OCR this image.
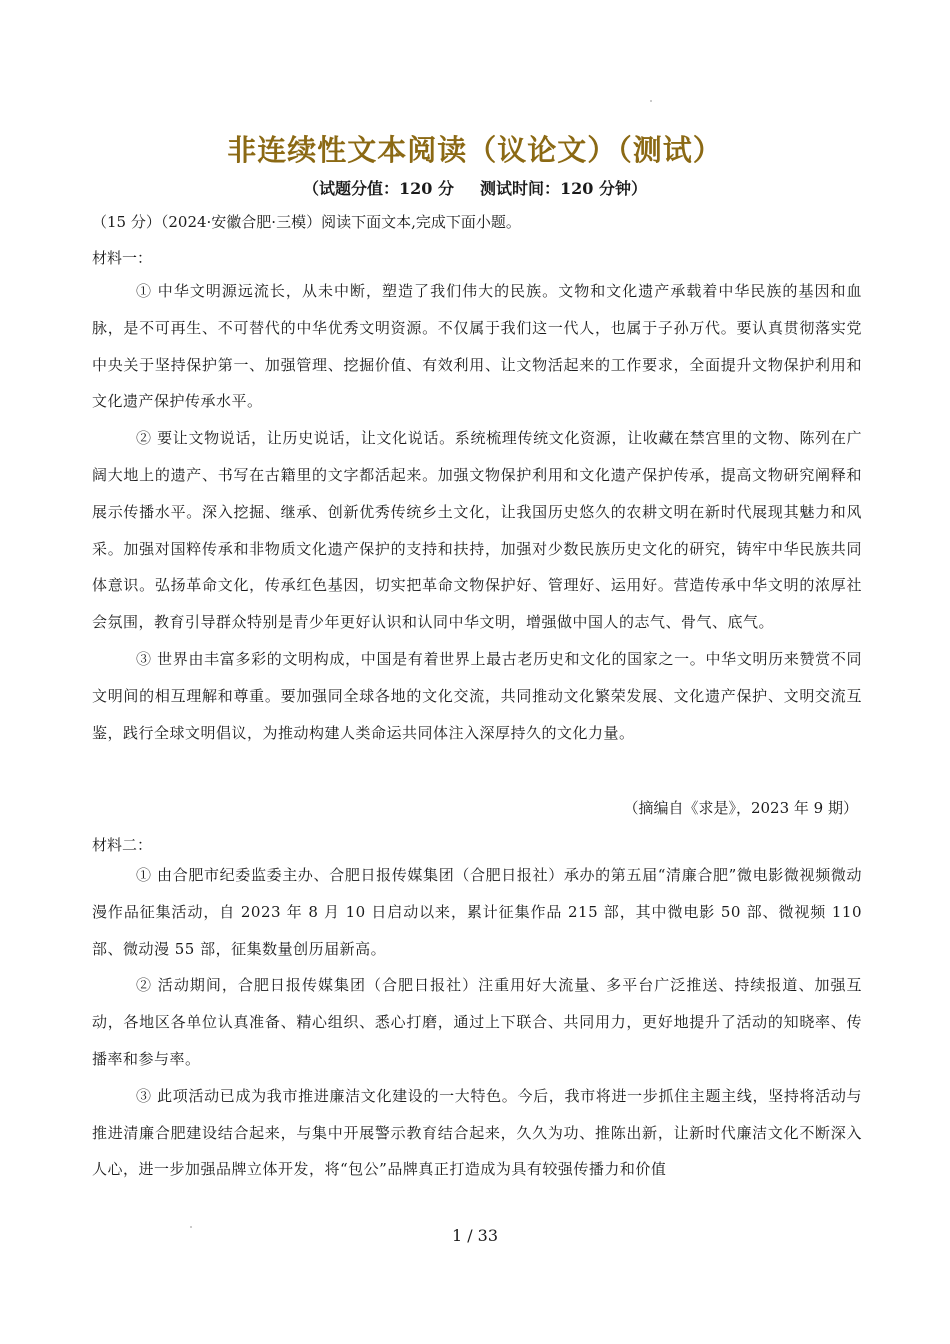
非连续性文本阅读（议论文）（测试）
（试题分值：120 分 测试时间：120 分钟）
（15 分）（2024·安徽合肥·三模）阅读下面文本,完成下面小题。
材料一：

① 中华文明源远流长，从未中断，塑造了我们伟大的民族。文物和文化遗产承载着中华民族的基因和血脉，是不可再生、不可替代的中华优秀文明资源。不仅属于我们这一代人，也属于子孙万代。要认真贯彻落实党中央关于坚持保护第一、加强管理、挖掘价值、有效利用、让文物活起来的工作要求，全面提升文物保护利用和文化遗产保护传承水平。

② 要让文物说话，让历史说话，让文化说话。系统梳理传统文化资源，让收藏在禁宫里的文物、陈列在广阔大地上的遗产、书写在古籍里的文字都活起来。加强文物保护利用和文化遗产保护传承，提高文物研究阐释和展示传播水平。深入挖掘、继承、创新优秀传统乡土文化，让我国历史悠久的农耕文明在新时代展现其魅力和风采。加强对国粹传承和非物质文化遗产保护的支持和扶持，加强对少数民族历史文化的研究，铸牢中华民族共同体意识。弘扬革命文化，传承红色基因，切实把革命文物保护好、管理好、运用好。营造传承中华文明的浓厚社会氛围，教育引导群众特别是青少年更好认识和认同中华文明，增强做中国人的志气、骨气、底气。

③ 世界由丰富多彩的文明构成，中国是有着世界上最古老历史和文化的国家之一。中华文明历来赞赏不同文明间的相互理解和尊重。要加强同全球各地的文化交流，共同推动文化繁荣发展、文化遗产保护、文明交流互鉴，践行全球文明倡议，为推动构建人类命运共同体注入深厚持久的文化力量。

（摘编自《求是》，2023 年 9 期）
材料二：

① 由合肥市纪委监委主办、合肥日报传媒集团（合肥日报社）承办的第五届“清廉合肥”微电影微视频微动漫作品征集活动，自 2023 年 8 月 10 日启动以来，累计征集作品 215 部，其中微电影 50 部、微视频 110 部、微动漫 55 部，征集数量创历届新高。

② 活动期间，合肥日报传媒集团（合肥日报社）注重用好大流量、多平台广泛推送、持续报道、加强互动，各地区各单位认真准备、精心组织、悉心打磨，通过上下联合、共同用力，更好地提升了活动的知晓率、传播率和参与率。

③ 此项活动已成为我市推进廉洁文化建设的一大特色。今后，我市将进一步抓住主题主线，坚持将活动与推进清廉合肥建设结合起来，与集中开展警示教育结合起来，久久为功、推陈出新，让新时代廉洁文化不断深入人心，进一步加强品牌立体开发，将“包公”品牌真正打造成为具有较强传播力和价值

1 / 33
